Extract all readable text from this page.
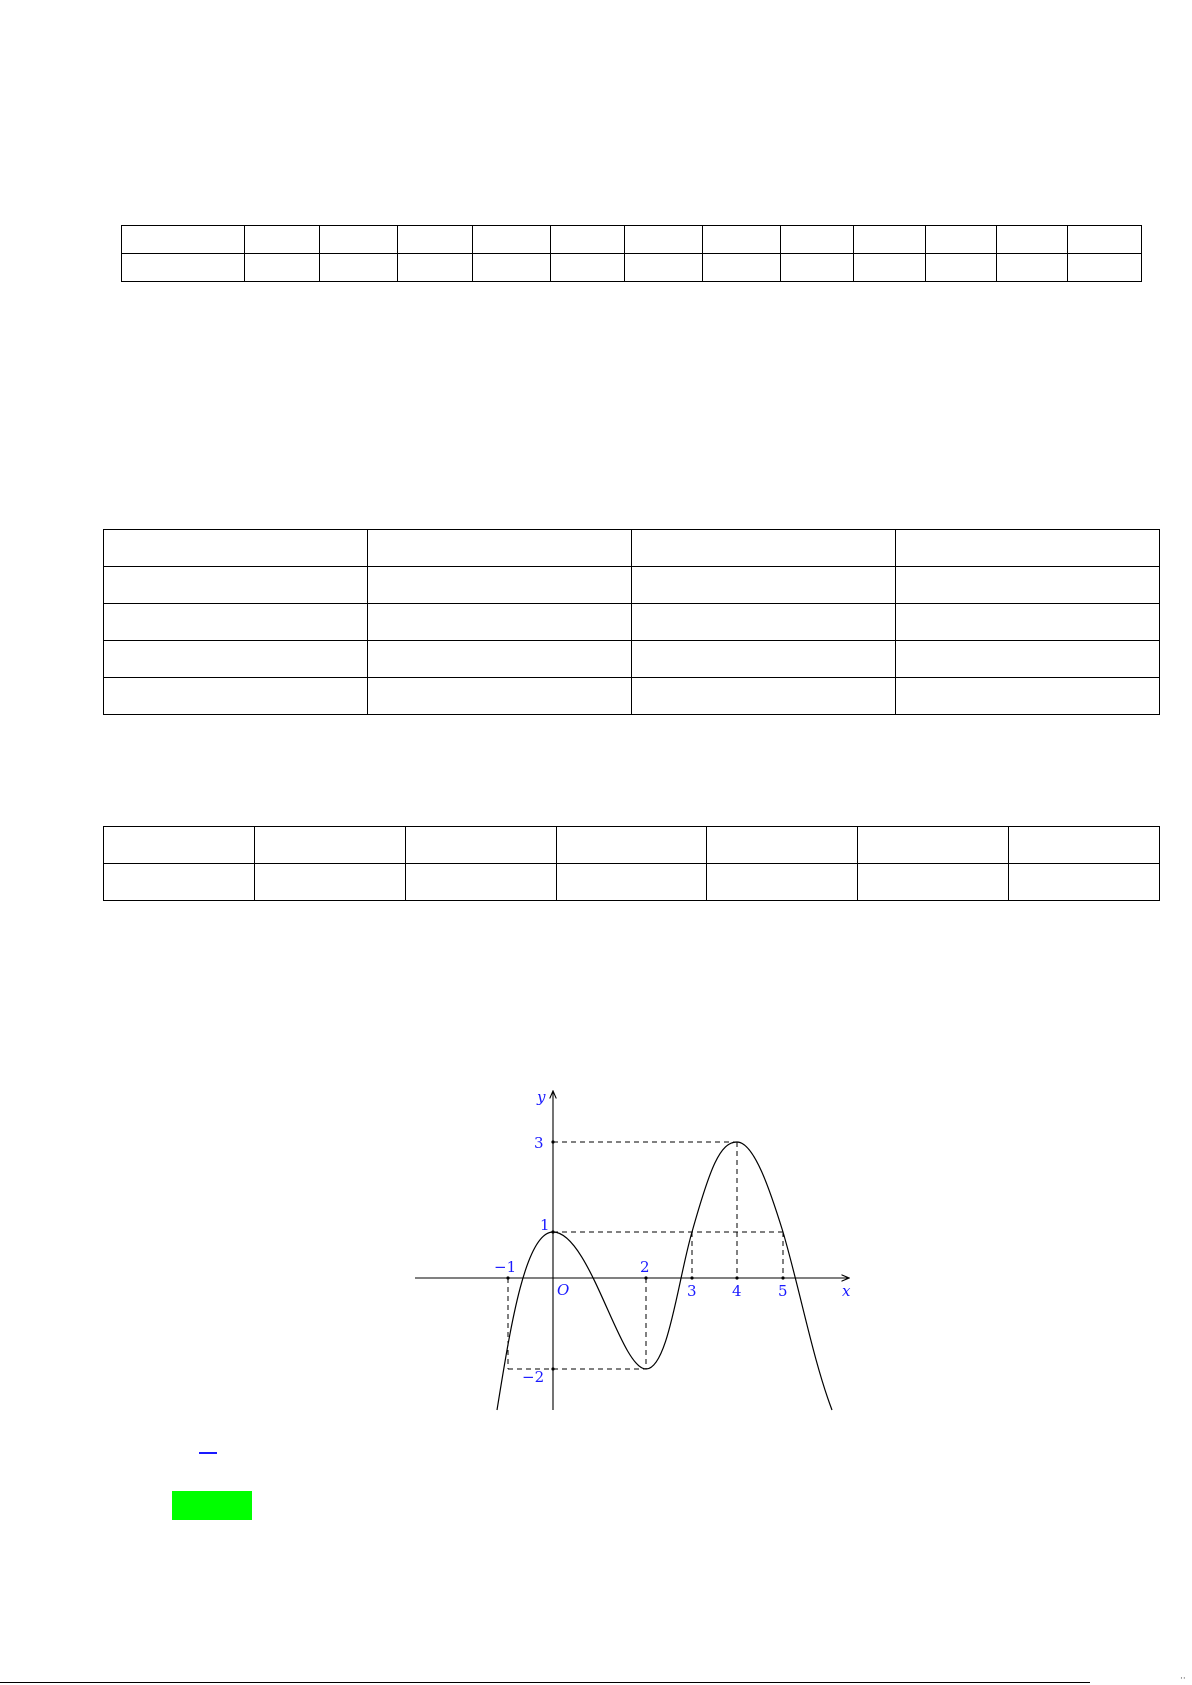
y
x
O
−1	2
3 4 5
3
1
−2
··
